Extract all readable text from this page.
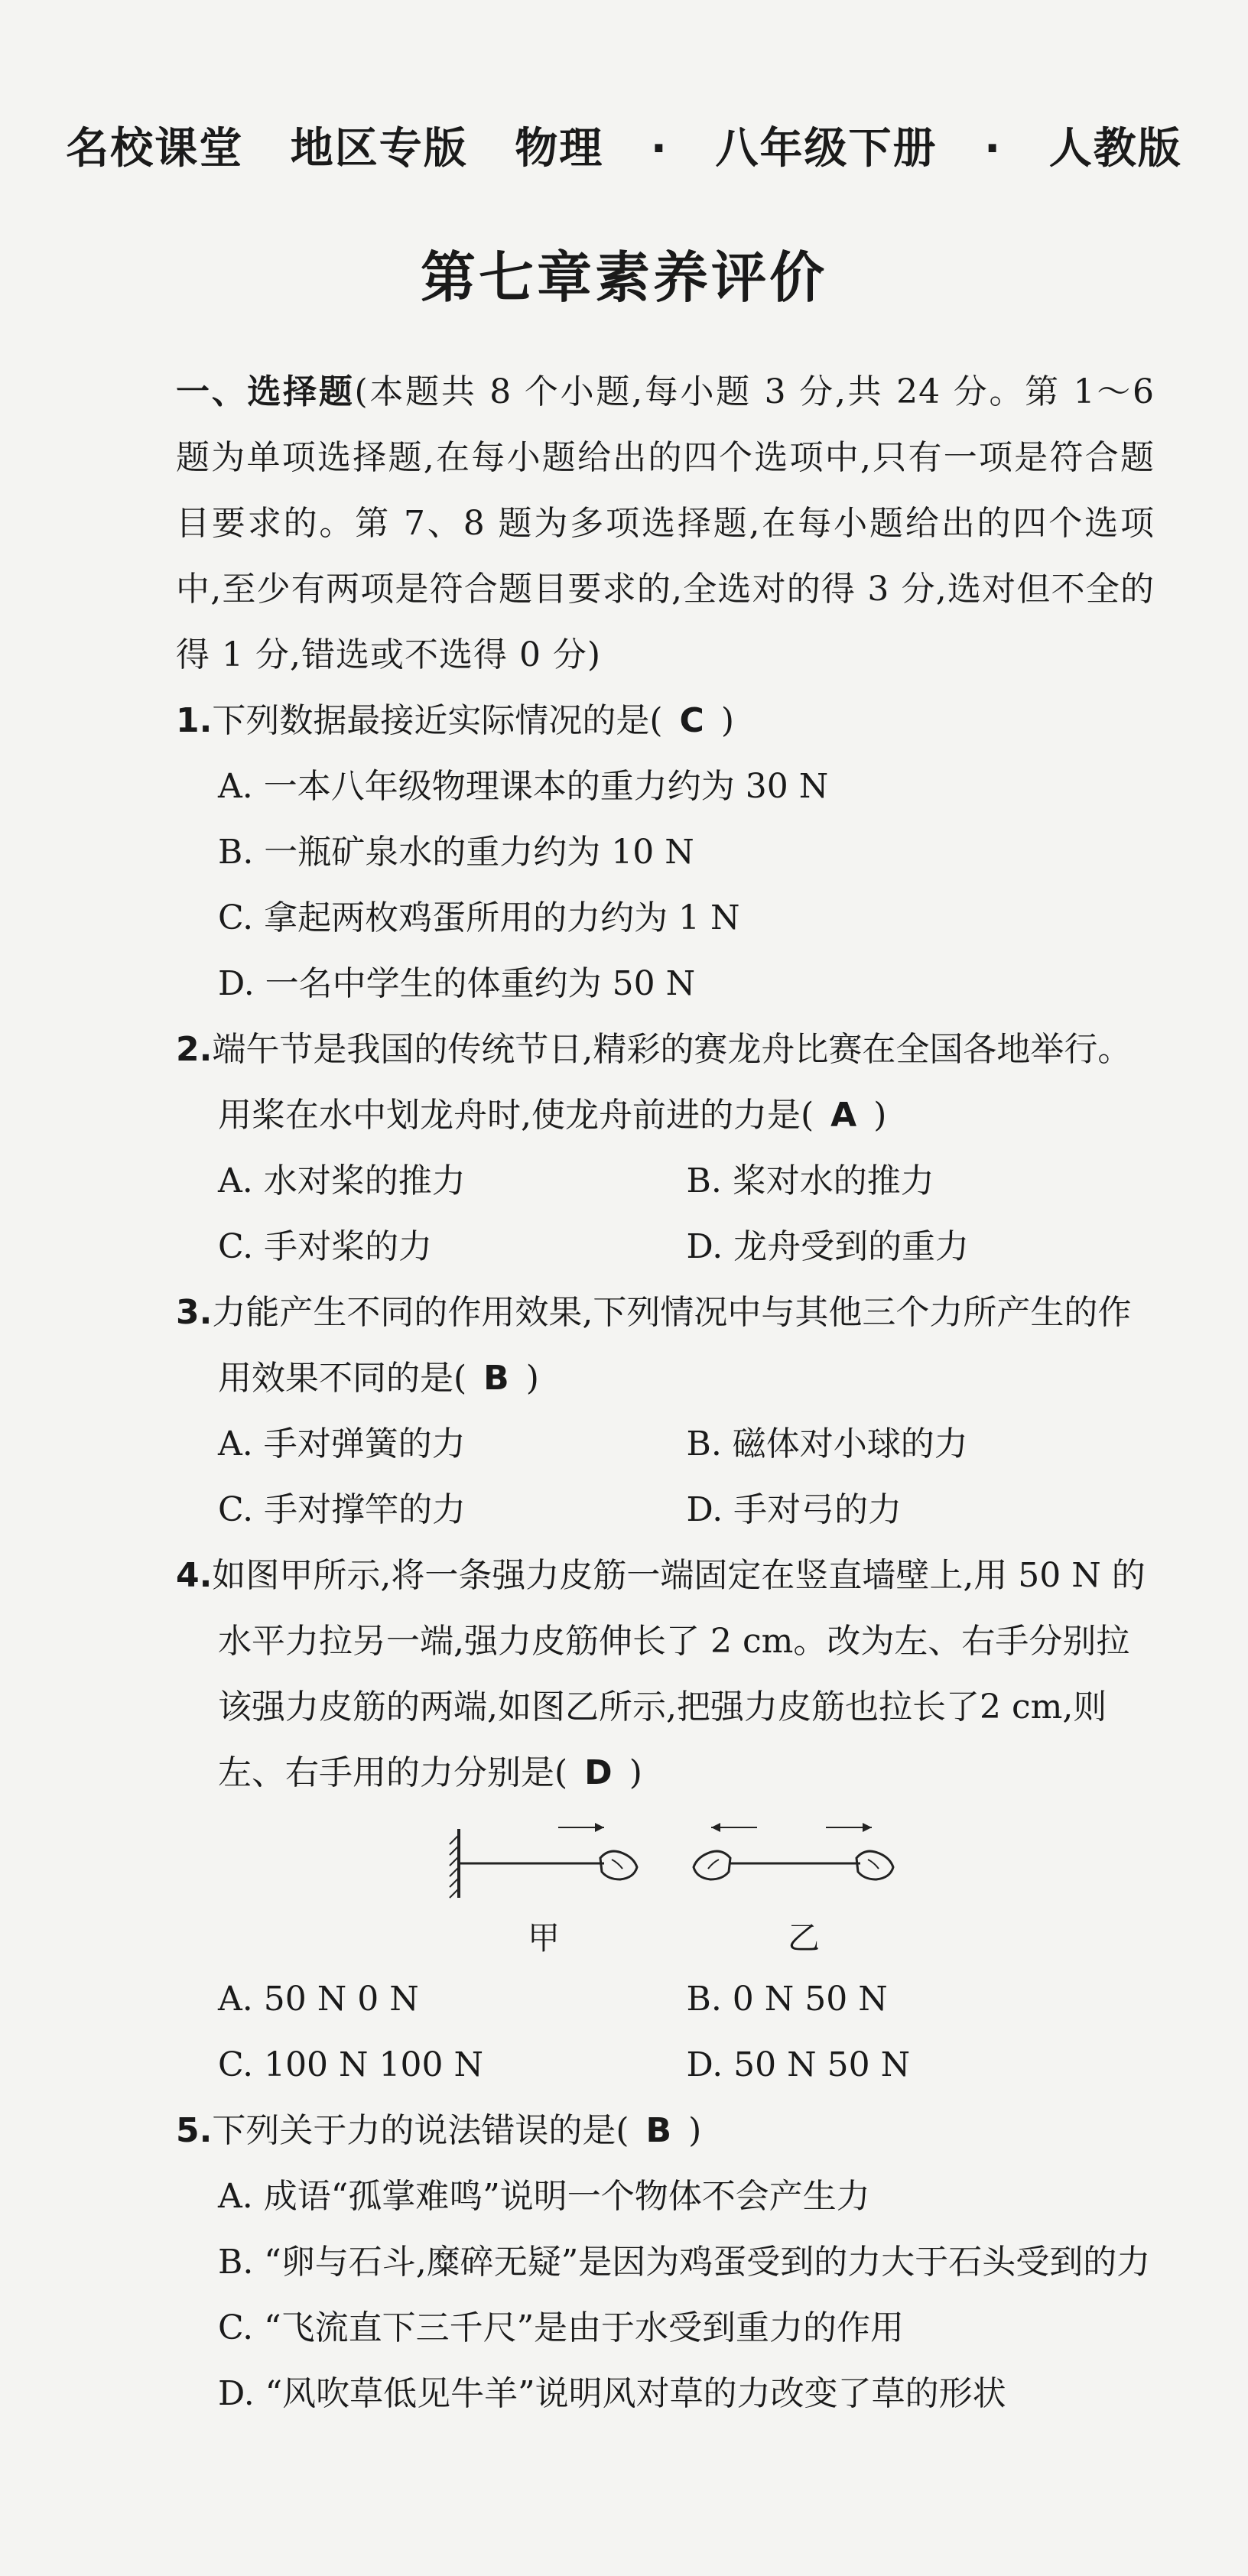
名校课堂 地区专版 物理 · 八年级下册 · 人教版
第七章素养评价
一、选择题(本题共 8 个小题,每小题 3 分,共 24 分。第 1～6 题为单项选择题,在每小题给出的四个选项中,只有一项是符合题目要求的。第 7、8 题为多项选择题,在每小题给出的四个选项中,至少有两项是符合题目要求的,全选对的得 3 分,选对但不全的得 1 分,错选或不选得 0 分)
1.下列数据最接近实际情况的是( C )
A. 一本八年级物理课本的重力约为 30 N
B. 一瓶矿泉水的重力约为 10 N
C. 拿起两枚鸡蛋所用的力约为 1 N
D. 一名中学生的体重约为 50 N
2.端午节是我国的传统节日,精彩的赛龙舟比赛在全国各地举行。用桨在水中划龙舟时,使龙舟前进的力是( A )
A. 水对桨的推力	B. 桨对水的推力
C. 手对桨的力	D. 龙舟受到的重力
3.力能产生不同的作用效果,下列情况中与其他三个力所产生的作用效果不同的是( B )
A. 手对弹簧的力	B. 磁体对小球的力
C. 手对撑竿的力	D. 手对弓的力
4.如图甲所示,将一条强力皮筋一端固定在竖直墙壁上,用 50 N 的水平力拉另一端,强力皮筋伸长了 2 cm。改为左、右手分别拉该强力皮筋的两端,如图乙所示,把强力皮筋也拉长了2 cm,则左、右手用的力分别是( D )
甲	乙
A. 50 N 0 N	B. 0 N 50 N
C. 100 N 100 N	D. 50 N 50 N
5.下列关于力的说法错误的是( B )
A. 成语“孤掌难鸣”说明一个物体不会产生力
B. “卵与石斗,糜碎无疑”是因为鸡蛋受到的力大于石头受到的力
C. “飞流直下三千尺”是由于水受到重力的作用
D. “风吹草低见牛羊”说明风对草的力改变了草的形状
